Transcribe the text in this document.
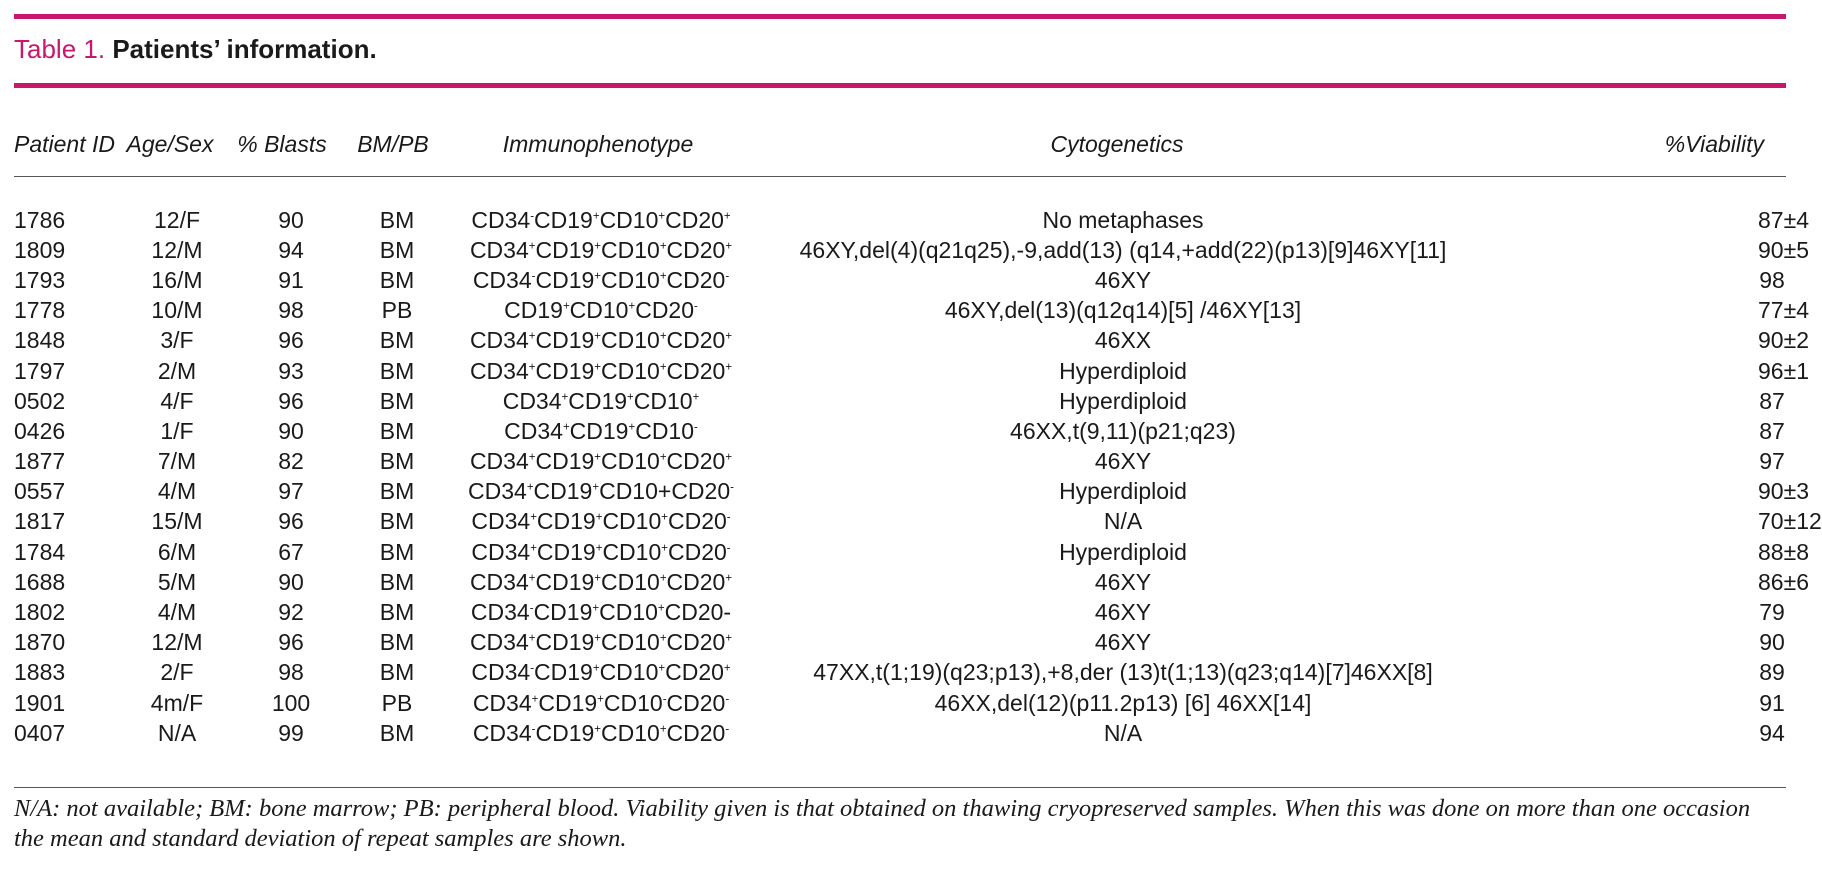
Table 1. Patients’ information.
Patient ID	Age/Sex	% Blasts	BM/PB	Immunophenotype	Cytogenetics	%Viability

1786	12/F	90	BM	CD34-CD19+CD10+CD20+	No metaphases	87±4
1809	12/M	94	BM	CD34+CD19+CD10+CD20+	46XY,del(4)(q21q25),-9,add(13) (q14,+add(22)(p13)[9]46XY[11]	90±5
1793	16/M	91	BM	CD34-CD19+CD10+CD20-	46XY	98
1778	10/M	98	PB	CD19+CD10+CD20-	46XY,del(13)(q12q14)[5] /46XY[13]	77±4
1848	3/F	96	BM	CD34+CD19+CD10+CD20+	46XX	90±2
1797	2/M	93	BM	CD34+CD19+CD10+CD20+	Hyperdiploid	96±1
0502	4/F	96	BM	CD34+CD19+CD10+	Hyperdiploid	87
0426	1/F	90	BM	CD34+CD19+CD10-	46XX,t(9,11)(p21;q23)	87
1877	7/M	82	BM	CD34+CD19+CD10+CD20+	46XY	97
0557	4/M	97	BM	CD34+CD19+CD10+CD20-	Hyperdiploid	90±3
1817	15/M	96	BM	CD34+CD19+CD10+CD20-	N/A	70±12
1784	6/M	67	BM	CD34+CD19+CD10+CD20-	Hyperdiploid	88±8
1688	5/M	90	BM	CD34+CD19+CD10+CD20+	46XY	86±6
1802	4/M	92	BM	CD34-CD19+CD10+CD20-	46XY	79
1870	12/M	96	BM	CD34+CD19+CD10+CD20+	46XY	90
1883	2/F	98	BM	CD34-CD19+CD10+CD20+	47XX,t(1;19)(q23;p13),+8,der (13)t(1;13)(q23;q14)[7]46XX[8]	89
1901	4m/F	100	PB	CD34+CD19+CD10-CD20-	46XX,del(12)(p11.2p13) [6] 46XX[14]	91
0407	N/A	99	BM	CD34-CD19+CD10+CD20-	N/A	94
N/A: not available; BM: bone marrow; PB: peripheral blood. Viability given is that obtained on thawing cryopreserved samples. When this was done on more than one occasion the mean and standard deviation of repeat samples are shown.
